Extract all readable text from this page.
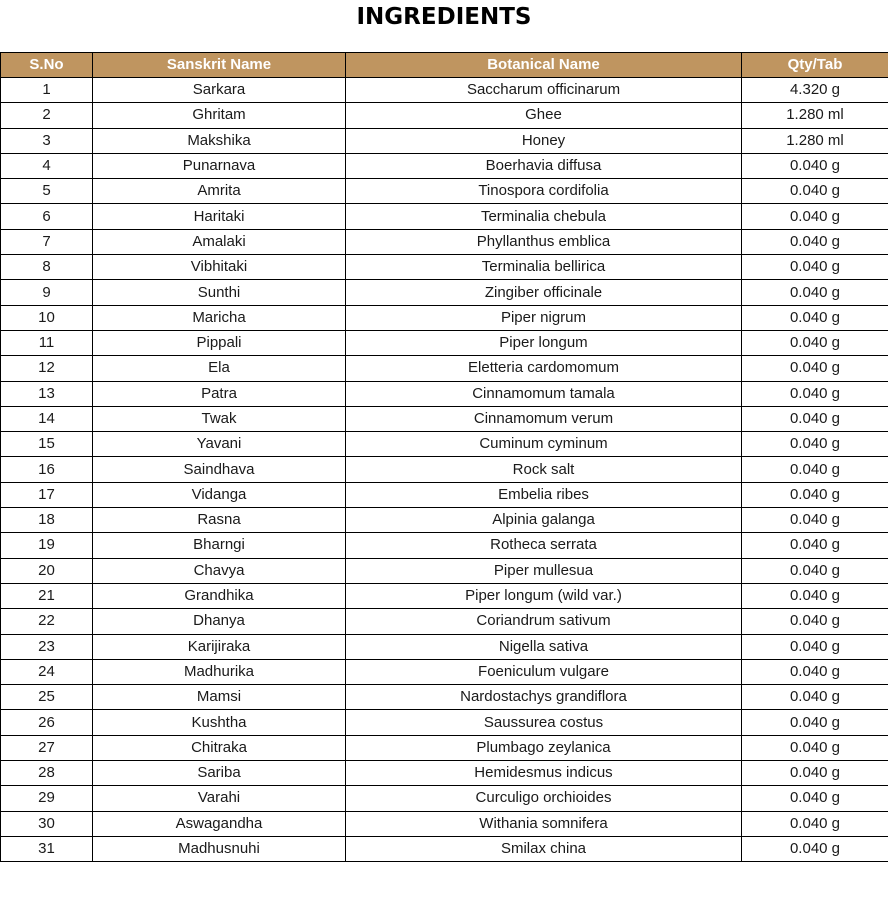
INGREDIENTS
S.No	Sanskrit Name	Botanical Name	Qty/Tab
1	Sarkara	Saccharum officinarum	4.320 g
2	Ghritam	Ghee	1.280 ml
3	Makshika	Honey	1.280 ml
4	Punarnava	Boerhavia diffusa	0.040 g
5	Amrita	Tinospora cordifolia	0.040 g
6	Haritaki	Terminalia chebula	0.040 g
7	Amalaki	Phyllanthus emblica	0.040 g
8	Vibhitaki	Terminalia bellirica	0.040 g
9	Sunthi	Zingiber officinale	0.040 g
10	Maricha	Piper nigrum	0.040 g
11	Pippali	Piper longum	0.040 g
12	Ela	Eletteria cardomomum	0.040 g
13	Patra	Cinnamomum tamala	0.040 g
14	Twak	Cinnamomum verum	0.040 g
15	Yavani	Cuminum cyminum	0.040 g
16	Saindhava	Rock salt	0.040 g
17	Vidanga	Embelia ribes	0.040 g
18	Rasna	Alpinia galanga	0.040 g
19	Bharngi	Rotheca serrata	0.040 g
20	Chavya	Piper mullesua	0.040 g
21	Grandhika	Piper longum (wild var.)	0.040 g
22	Dhanya	Coriandrum sativum	0.040 g
23	Karijiraka	Nigella sativa	0.040 g
24	Madhurika	Foeniculum vulgare	0.040 g
25	Mamsi	Nardostachys grandiflora	0.040 g
26	Kushtha	Saussurea costus	0.040 g
27	Chitraka	Plumbago zeylanica	0.040 g
28	Sariba	Hemidesmus indicus	0.040 g
29	Varahi	Curculigo orchioides	0.040 g
30	Aswagandha	Withania somnifera	0.040 g
31	Madhusnuhi	Smilax china	0.040 g
